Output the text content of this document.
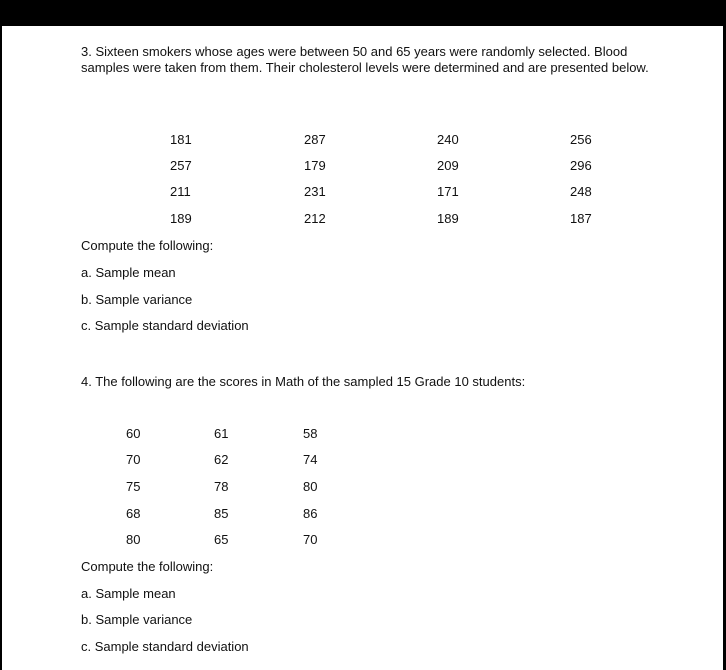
3. Sixteen smokers whose ages were between 50 and 65 years were randomly selected. Blood samples were taken from them. Their cholesterol levels were determined and are presented below.

181	287	240	256
257	179	209	296
211	231	171	248
189	212	189	187
Compute the following:
a. Sample mean
b. Sample variance
c. Sample standard deviation
4. The following are the scores in Math of the sampled 15 Grade 10 students:
60	61	58
70	62	74
75	78	80
68	85	86
80	65	70
Compute the following:
a. Sample mean
b. Sample variance
c. Sample standard deviation
